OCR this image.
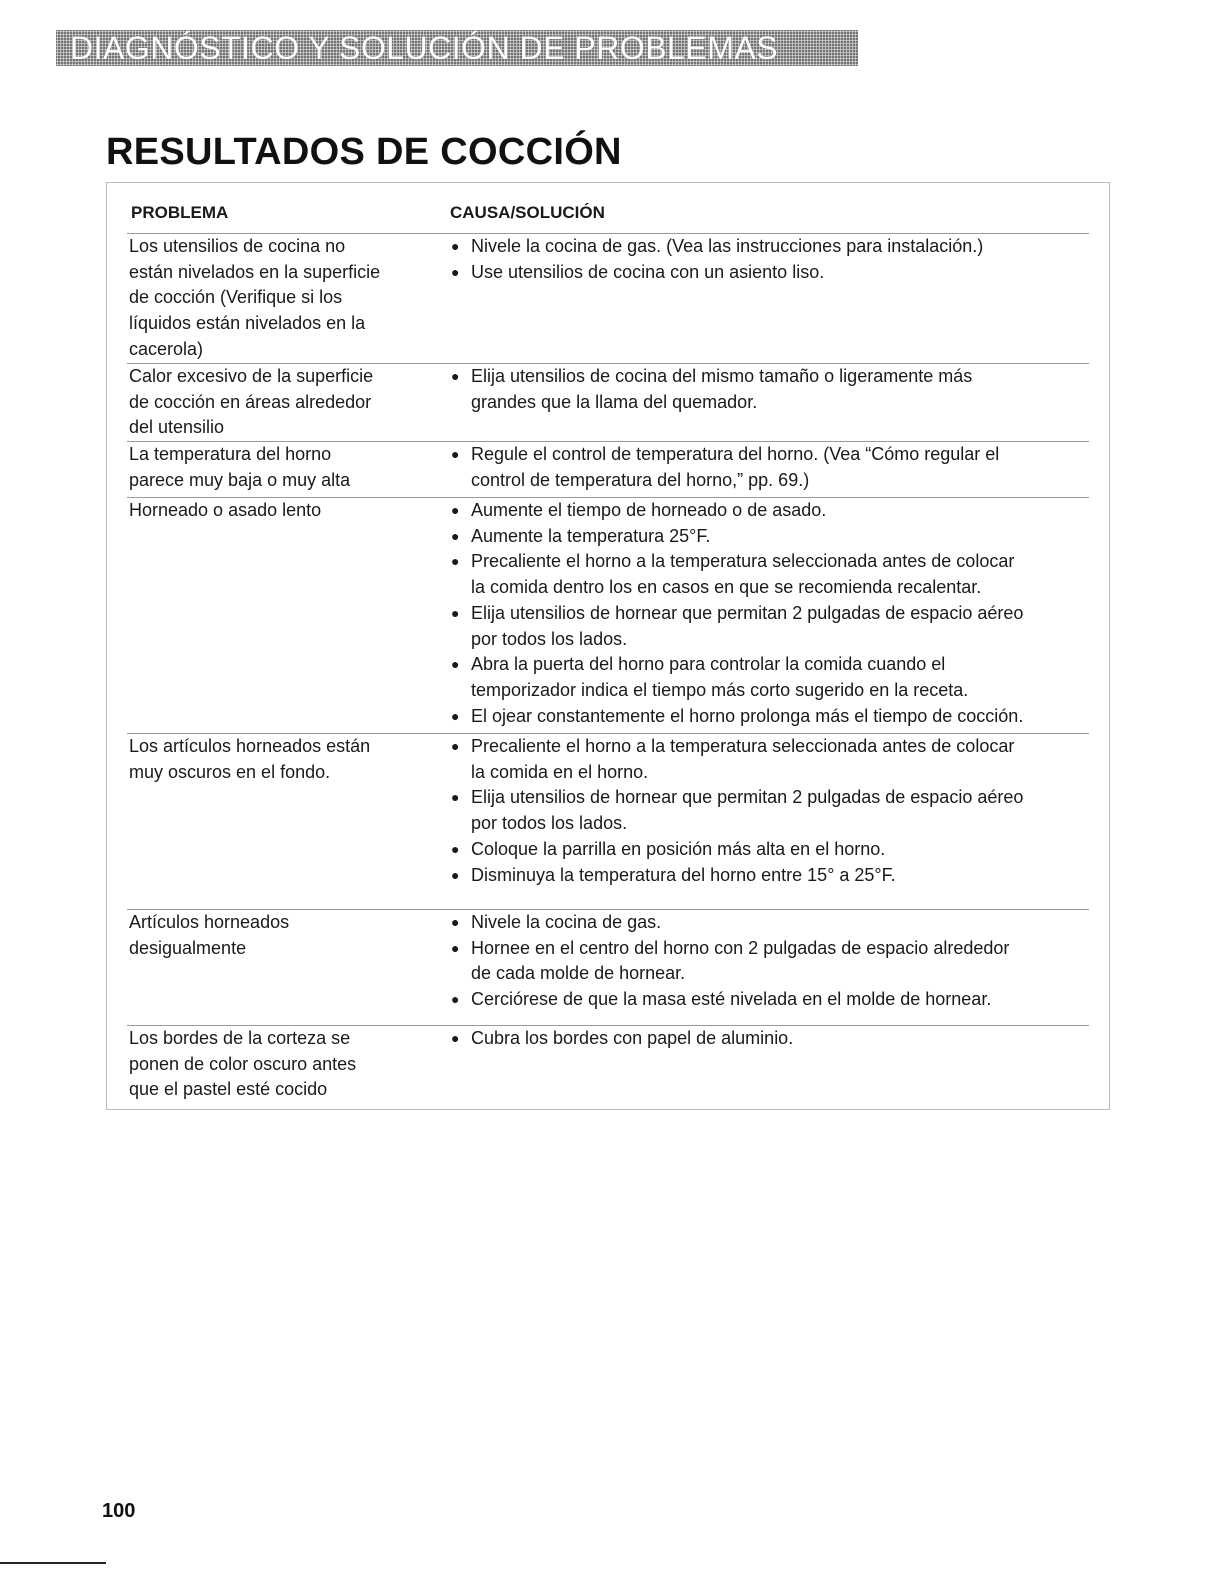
DIAGNÓSTICO Y SOLUCIÓN DE PROBLEMAS
RESULTADOS DE COCCIÓN
PROBLEMA	CAUSA/SOLUCIÓN
Los utensilios de cocina no
están nivelados en la superficie
de cocción (Verifique si los
líquidos están nivelados en la
cacerola)
● Nivele la cocina de gas. (Vea las instrucciones para instalación.)
● Use utensilios de cocina con un asiento liso.
Calor excesivo de la superficie
de cocción en áreas alrededor
del utensilio
● Elija utensilios de cocina del mismo tamaño o ligeramente más
grandes que la llama del quemador.
La temperatura del horno
parece muy baja o muy alta
● Regule el control de temperatura del horno. (Vea “Cómo regular el
control de temperatura del horno,” pp. 69.)
Horneado o asado lento	● Aumente el tiempo de horneado o de asado.
● Aumente la temperatura 25°F.
● Precaliente el horno a la temperatura seleccionada antes de colocar
la comida dentro los en casos en que se recomienda recalentar.
● Elija utensilios de hornear que permitan 2 pulgadas de espacio aéreo
por todos los lados.
● Abra la puerta del horno para controlar la comida cuando el
temporizador indica el tiempo más corto sugerido en la receta.
● El ojear constantemente el horno prolonga más el tiempo de cocción.
Los artículos horneados están
muy oscuros en el fondo.
● Precaliente el horno a la temperatura seleccionada antes de colocar
la comida en el horno.
● Elija utensilios de hornear que permitan 2 pulgadas de espacio aéreo
por todos los lados.
● Coloque la parrilla en posición más alta en el horno.
● Disminuya la temperatura del horno entre 15° a 25°F.
Artículos horneados
desigualmente
● Nivele la cocina de gas.
● Hornee en el centro del horno con 2 pulgadas de espacio alrededor
de cada molde de hornear.
● Cerciórese de que la masa esté nivelada en el molde de hornear.
Los bordes de la corteza se
ponen de color oscuro antes
que el pastel esté cocido
● Cubra los bordes con papel de aluminio.
100
